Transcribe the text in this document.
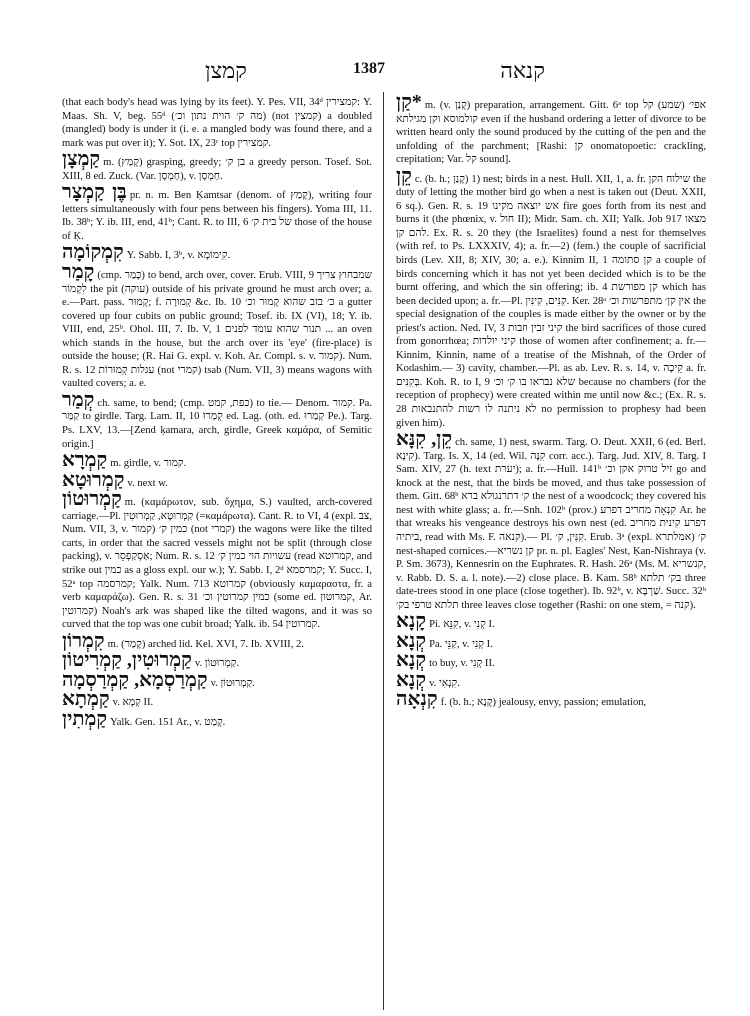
קמצן	1387	קנאה

(that each body's head was lying by its feet). Y. Pes. VII, 34ᵈ קמצירין: Y. Maas. Sh. V, beg. 55ᵈ (מה ק׳ הוית נתון וכ׳) (not קמצין) a doubled (mangled) body is under it (i. e. a mangled body was found there, and a mark was put over it); Y. Sot. IX, 23ᶜ top קמצירין.

קַמְצָן m. (קָמַץ) grasping, greedy; בן ק׳ a greedy person. Tosef. Sot. XIII, 8 ed. Zuck. (Var. חַמְסָן), v. חַמְסָן.

בֶּן קַמְצָר pr. n. m. Ben Ḳamtsar (denom. of קָמַץ), writing four letters simultaneously with four pens between his fingers). Yoma III, 11. Ib. 38ᵇ; Y. ib. III, end, 41ᵇ; Cant. R. to III, 6 של בית ק׳ those of the house of Ḳ.

קִמְקוֹמָה Y. Sabb. I, 3ᵇ, v. קִימוֹמָא.

קָמַר (cmp. כָּמַר) to bend, arch over, cover. Erub. VIII, 9 שמבחוץ צריך לִקְמוֹר the pit (עוקה) outside of his private ground he must arch over; a. e.—Part. pass. קָמוּר; f. קְמוּרָה &c. Ib. 10 כ׳ בזב שהוא קָמוּר וכ׳ a gutter covered up four cubits on public ground; Tosef. ib. IX (VI), 18; Y. ib. VIII, end, 25ᵇ. Ohol. III, 7. Ib. V, 1 תנור שהוא עומד לפנים ... an oven which stands in the house, but the arch over its 'eye' (fire-place) is outside the house; (R. Hai G. expl. v. Koh. Ar. Compl. s. v. קמור). Num. R. s. 12 עגלות קְמוּרוֹת (not קמרי) tsab (Num. VII, 3) means wagons with vaulted covers; a. e.

קְמַר ch. same, to bend; (cmp. כפת, קמט) to tie.— Denom. קמור. Pa. קַמַּר to girdle. Targ. Lam. II, 10 קְמַרוּ ed. Lag. (oth. ed. קַמַרוּ Pe.). Targ. Ps. LXV, 13.—[Zend ḳamara, arch, girdle, Greek καμάρα, of Semitic origin.]

קַמְרָא m. girdle, v. קמור.

קַמְרוּטָא v. next w.

קַמְרוּטוֹן m. (καμάρωτον, sub. ὄχημα, S.) vaulted, arch-covered carriage.—Pl. קַמְרוּטָא, קַמְרוּטִין (=καμάρωτα). Cant. R. to VI, 4 (expl. צב, Num. VII, 3, v. קמור) כמין ק׳ (not קמרי) the wagons were like the tilted carts, in order that the sacred vessels might not be split (through close packing), v. אַסְקַפְסֵר; Num. R. s. 12 עשויות הוי כמין ק׳ (read קמרוטא, and strike out כמין as a gloss expl. our w.); Y. Sabb. I, 2ᵈ קמרסמא; Y. Succ. I, 52ᵃ top קמרסמה; Yalk. Num. 713 קמרוטא (obviously καμαραστα, fr. a verb καμαράζω). Gen. R. s. 31 כמין קמרוטין וכ׳ (some ed. קמרוטון, Ar. קמרוטין) Noah's ark was shaped like the tilted wagons, and it was so curved that the top was one cubit broad; Yalk. ib. 54 קמרוטין.

קִמְרוֹן m. (קָמַר) arched lid. Kel. XVI, 7. Ib. XVIII, 2.

קַמְרוּטִין, קַמְרִיטוֹן v. קַמְרוּטוֹן.

קַמְרַסְמָא, קַמְרַסְמָה v. קַמְרוּטוֹן.

קַמְתָא v. קְמָא II.

קַמְתִין Yalk. Gen. 151 Ar., v. קָמַט.

*קַן m. (v. קָנַן) preparation, arrangement. Gitt. 6ᵃ top אפי׳ (שמע) קל קולמוסא וקן מגילתא even if the husband ordering a letter of divorce to be written heard only the sound produced by the cutting of the pen and the unfolding of the parchment; [Rashi: קן onomatopoetic: crackling, crepitation; Var. קל sound].

קֵן c. (b. h.; קָנַן) 1) nest; birds in a nest. Hull. XII, 1, a. fr. שילוח הקן the duty of letting the mother bird go when a nest is taken out (Deut. XXII, 6 sq.). Gen. R. s. 19 אש יוצאה מקינו fire goes forth from its nest and burns it (the phœnix, v. חול II); Midr. Sam. ch. XII; Yalk. Job 917 מצאו להם קן. Ex. R. s. 20 they (the Israelites) found a nest for themselves (with ref. to Ps. LXXXIV, 4); a. fr.—2) (fem.) the couple of sacrificial birds (Lev. XII, 8; XIV, 30; a. e.). Kinnim II, 1 קן סתומה a couple of birds concerning which it has not yet been decided which is to be the burnt offering, and which the sin offering; ib. 4 קן מפורשת which has been decided upon; a. fr.—Pl. קִנִּים, קִינִּין. Ker. 28ᵃ אין קן׳ מתפרשות וכ׳ the special designation of the couples is made either by the owner or by the priest's action. Ned. IV, 3 קיני זבין וזבות the bird sacrifices of those cured from gonorrhœa; קיני יולדות those of women after confinement; a. fr.—Kinnim, Ḳinnin, name of a treatise of the Mishnah, of the Order of Kodashim.— 3) cavity, chamber.—Pl. as ab. Lev. R. s. 14, v. קֵיכָה a. fr. בְּקִנִּים. Koh. R. to I, 9 שלא נבראו בו ק׳ וכ׳ because no chambers (for the reception of prophecy) were created within me until now &c.; (Ex. R. s. 28 לא ניתנה לו רשות להתנבאות no permission to prophesy had been given him).

קֵן, קִנָּא ch. same, 1) nest, swarm. Targ. O. Deut. XXII, 6 (ed. Berl. קִינָא). Targ. Is. X, 14 (ed. Wil. קִנָּה corr. acc.). Targ. Jud. XIV, 8. Targ. I Sam. XIV, 27 (h. text יערת); a. fr.—Hull. 141ᵇ זיל טרוק אקן וכ׳ go and knock at the nest, that the birds be moved, and thus take possession of them. Gitt. 68ᵇ ק׳ דתרנגולא ברא the nest of a woodcock; they covered his nest with white glass; a. fr.—Snh. 102ᵇ (prov.) קִנְאָה מחריב דפרע Ar. he that wreaks his vengeance destroys his own nest (ed. דפרע קינית מחריב ביתיה, read with Ms. F. קנאה).— Pl. קִנִּין, ק׳. Erub. 3ᵃ (expl. אמלתרא) ק׳ nest-shaped cornices.—קן נשריא pr. n. pl. Eagles' Nest, Ḳan-Nishraya (v. P. Sm. 3673), Kennesrin on the Euphrates. R. Hash. 26ᵃ (Ms. M. קנשריא, v. Rabb. D. S. a. l. note).—2) close place. B. Kam. 58ᵇ בק׳ תלתא three date-trees stood in one place (close together). Ib. 92ᵇ, v. שַׁרְבָּא. Succ. 32ᵇ תלתא טרפי בק׳ three leaves close together (Rashi: on one stem, = קנה).

קָנָא Pi. קִנֵּא, v. קְנִי I.

קְנָא Pa. קַנֵּי, v. קְנִי I.

קְנָא to buy, v. קְנִי II.

קְנָא v. קִנְאִי.

קִנְאָה f. (b. h.; קָנָא) jealousy, envy, passion; emulation,
